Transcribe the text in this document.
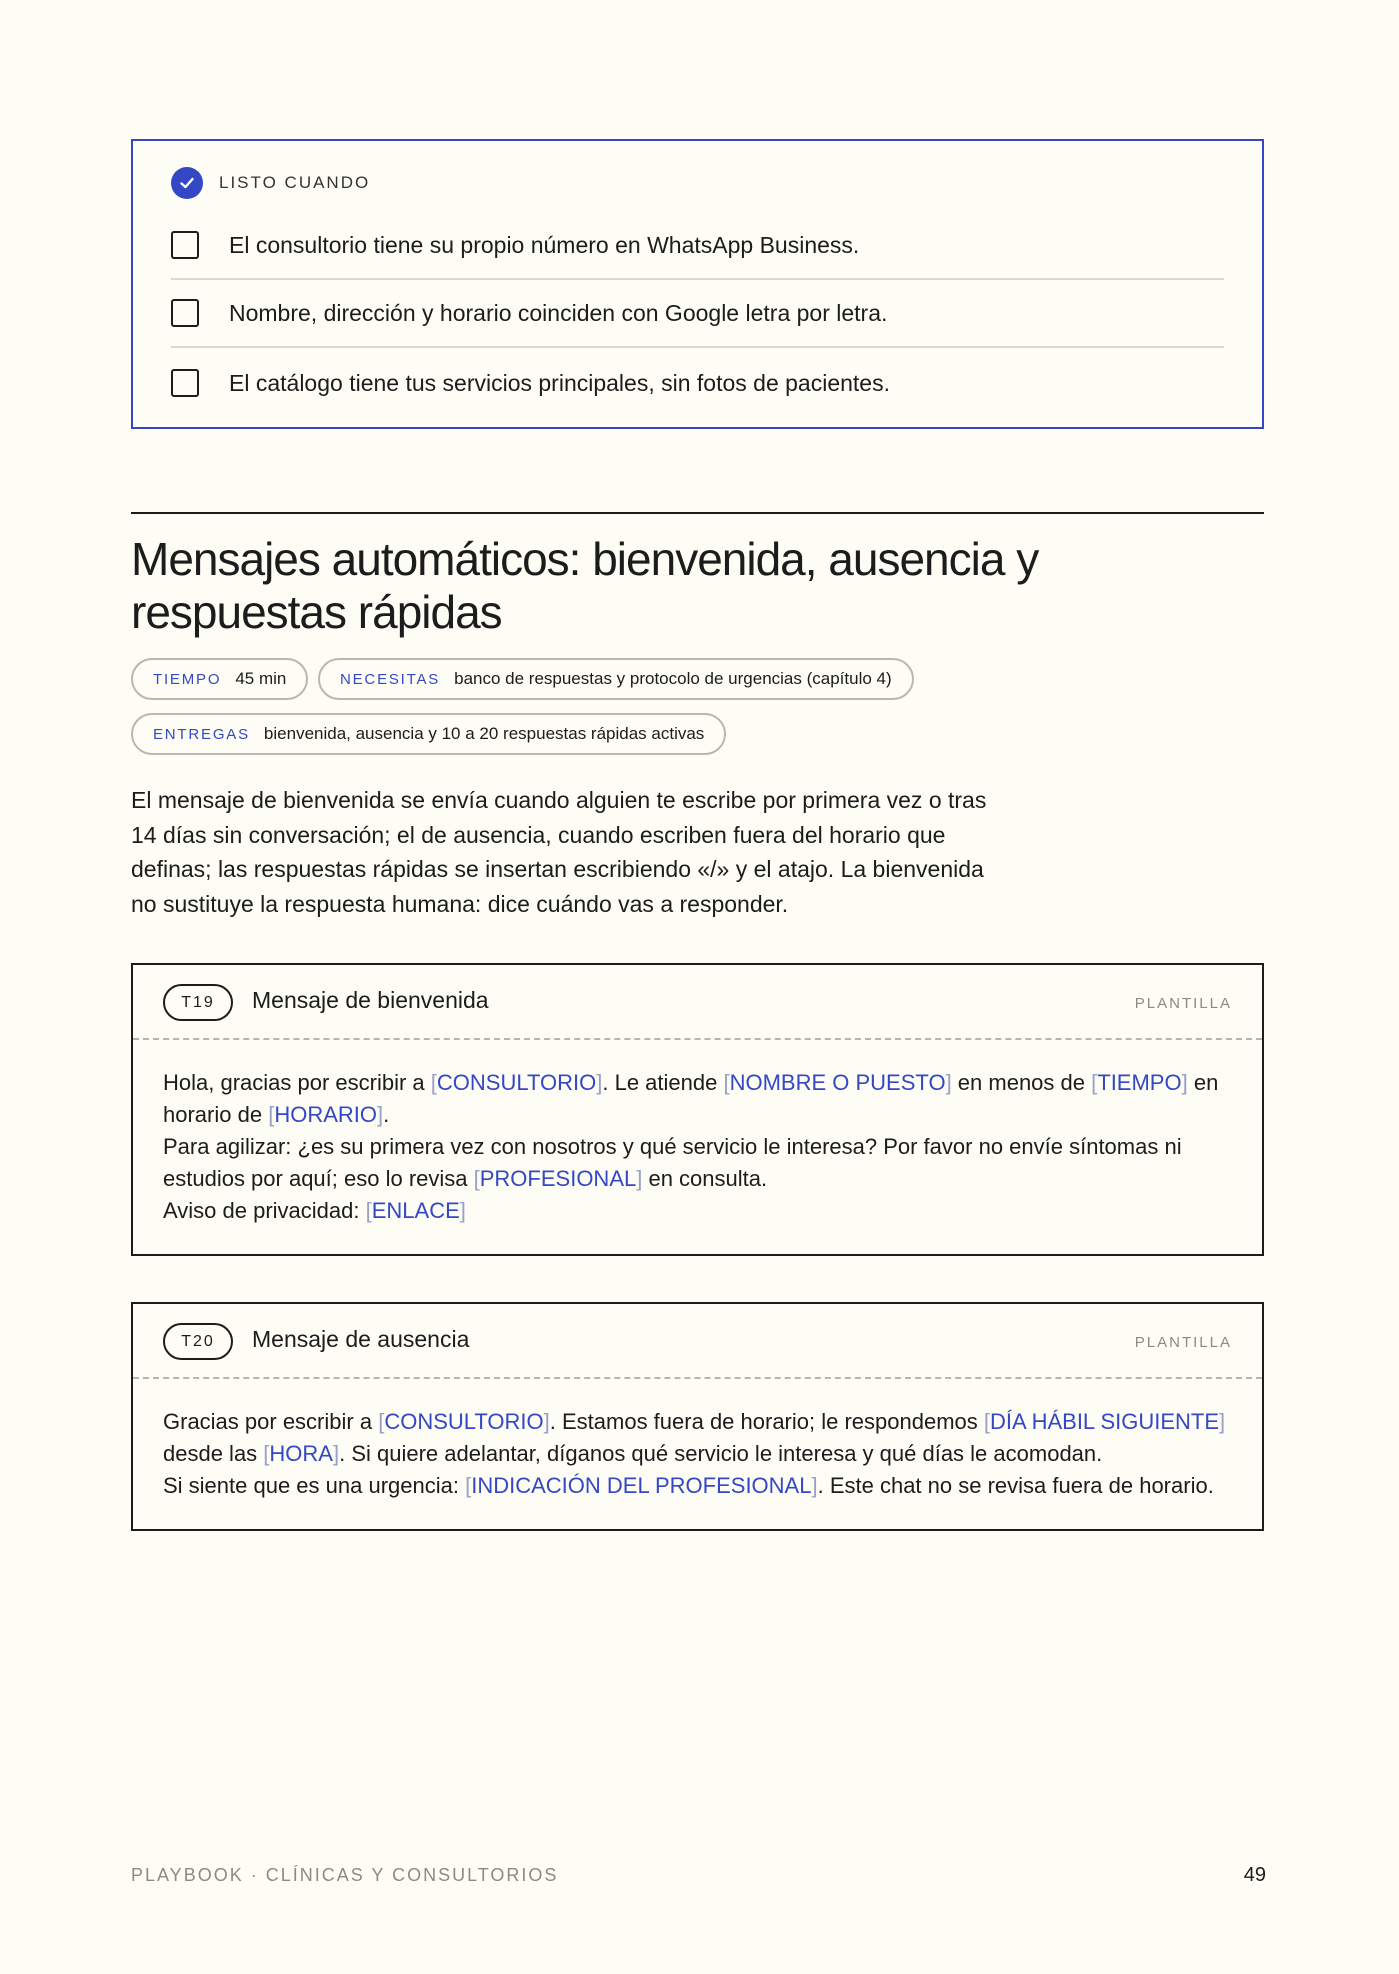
LISTO CUANDO
El consultorio tiene su propio número en WhatsApp Business.
Nombre, dirección y horario coinciden con Google letra por letra.
El catálogo tiene tus servicios principales, sin fotos de pacientes.
Mensajes automáticos: bienvenida, ausencia y respuestas rápidas
TIEMPO 45 min	NECESITAS banco de respuestas y protocolo de urgencias (capítulo 4)
ENTREGAS bienvenida, ausencia y 10 a 20 respuestas rápidas activas

El mensaje de bienvenida se envía cuando alguien te escribe por primera vez o tras 14 días sin conversación; el de ausencia, cuando escriben fuera del horario que definas; las respuestas rápidas se insertan escribiendo «/» y el atajo. La bienvenida no sustituye la respuesta humana: dice cuándo vas a responder.

T19	Mensaje de bienvenida	PLANTILLA

Hola, gracias por escribir a [CONSULTORIO]. Le atiende [NOMBRE O PUESTO] en menos de [TIEMPO] en horario de [HORARIO].

Para agilizar: ¿es su primera vez con nosotros y qué servicio le interesa? Por favor no envíe síntomas ni estudios por aquí; eso lo revisa [PROFESIONAL] en consulta.

Aviso de privacidad: [ENLACE]

T20	Mensaje de ausencia	PLANTILLA

Gracias por escribir a [CONSULTORIO]. Estamos fuera de horario; le respondemos [DÍA HÁBIL SIGUIENTE] desde las [HORA]. Si quiere adelantar, díganos qué servicio le interesa y qué días le acomodan.

Si siente que es una urgencia: [INDICACIÓN DEL PROFESIONAL]. Este chat no se revisa fuera de horario.

PLAYBOOK · CLÍNICAS Y CONSULTORIOS	49
